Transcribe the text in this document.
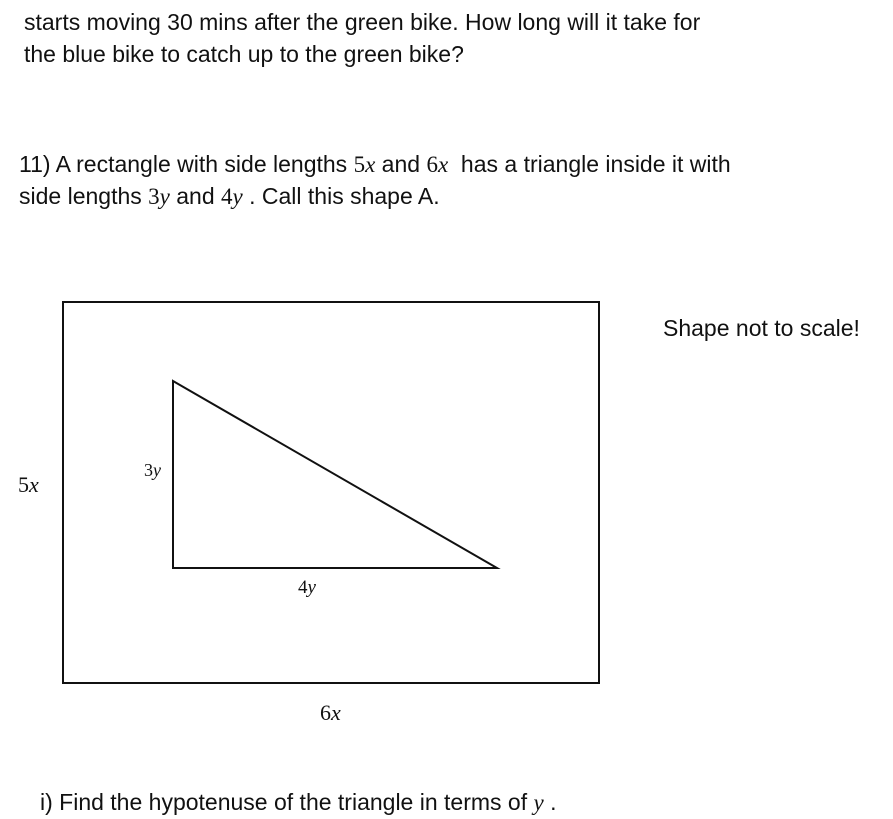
starts moving 30 mins after the green bike. How long will it take for
the blue bike to catch up to the green bike?
11) A rectangle with side lengths 5x and 6x  has a triangle inside it with
side lengths 3y and 4y . Call this shape A.
5x
3y
4y
6x
Shape not to scale!
i) Find the hypotenuse of the triangle in terms of y .
